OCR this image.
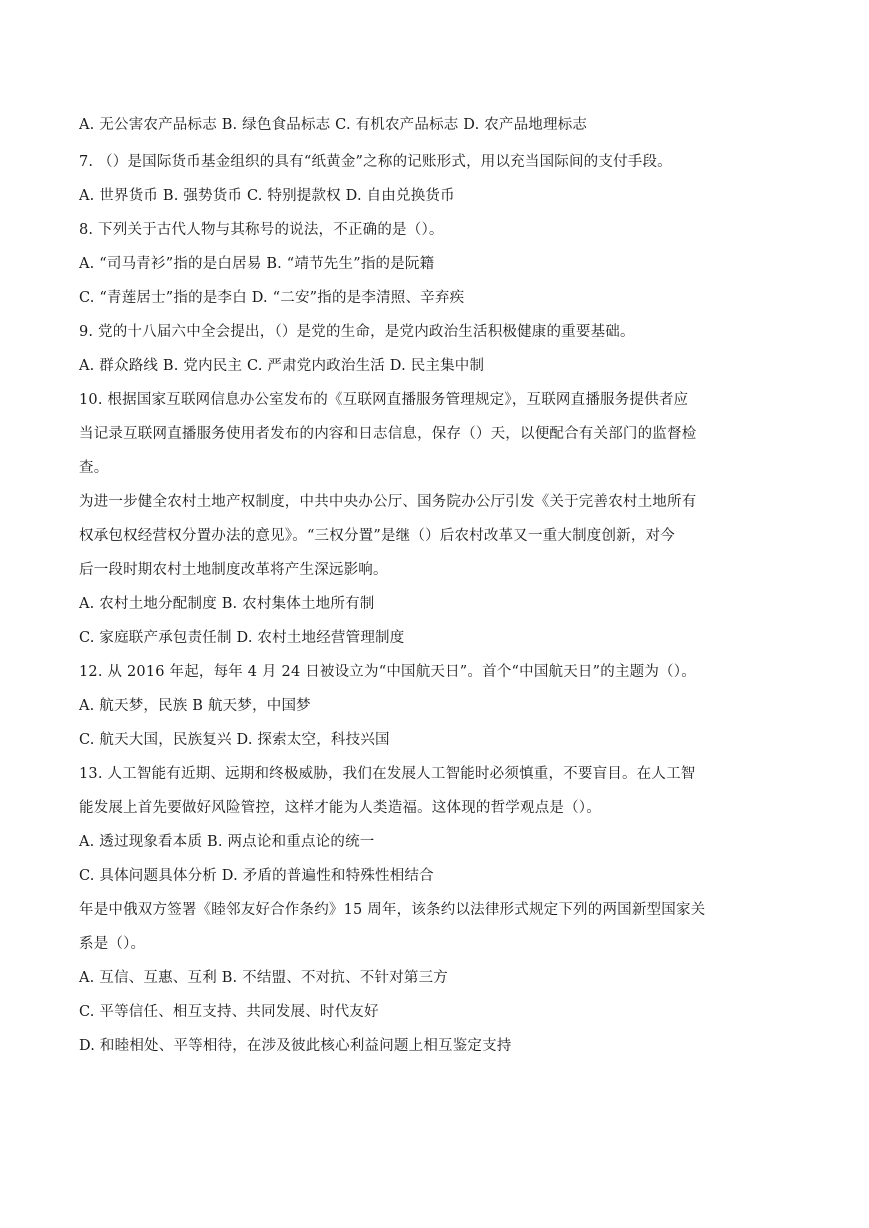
A. 无公害农产品标志 B. 绿色食品标志 C. 有机农产品标志 D. 农产品地理标志
7. （）是国际货币基金组织的具有“纸黄金”之称的记账形式，用以充当国际间的支付手段。
A. 世界货币 B. 强势货币 C. 特别提款权 D. 自由兑换货币
8. 下列关于古代人物与其称号的说法，不正确的是（）。
A. “司马青衫”指的是白居易 B. “靖节先生”指的是阮籍
C. “青莲居士”指的是李白 D. “二安”指的是李清照、辛弃疾
9. 党的十八届六中全会提出，（）是党的生命，是党内政治生活积极健康的重要基础。
A. 群众路线 B. 党内民主 C. 严肃党内政治生活 D. 民主集中制
10. 根据国家互联网信息办公室发布的《互联网直播服务管理规定》，互联网直播服务提供者应
当记录互联网直播服务使用者发布的内容和日志信息，保存（）天，以便配合有关部门的监督检
查。
为进一步健全农村土地产权制度，中共中央办公厅、国务院办公厅引发《关于完善农村土地所有
权承包权经营权分置办法的意见》。“三权分置”是继（）后农村改革又一重大制度创新，对今
后一段时期农村土地制度改革将产生深远影响。
A. 农村土地分配制度 B. 农村集体土地所有制
C. 家庭联产承包责任制 D. 农村土地经营管理制度
12. 从 2016 年起，每年 4 月 24 日被设立为“中国航天日”。首个“中国航天日”的主题为（）。
A. 航天梦，民族 B 航天梦，中国梦
C. 航天大国，民族复兴 D. 探索太空，科技兴国
13. 人工智能有近期、远期和终极威胁，我们在发展人工智能时必须慎重，不要盲目。在人工智
能发展上首先要做好风险管控，这样才能为人类造福。这体现的哲学观点是（）。
A. 透过现象看本质 B. 两点论和重点论的统一
C. 具体问题具体分析 D. 矛盾的普遍性和特殊性相结合
年是中俄双方签署《睦邻友好合作条约》15 周年，该条约以法律形式规定下列的两国新型国家关
系是（）。
A. 互信、互惠、互利 B. 不结盟、不对抗、不针对第三方
C. 平等信任、相互支持、共同发展、时代友好
D. 和睦相处、平等相待，在涉及彼此核心利益问题上相互鉴定支持
